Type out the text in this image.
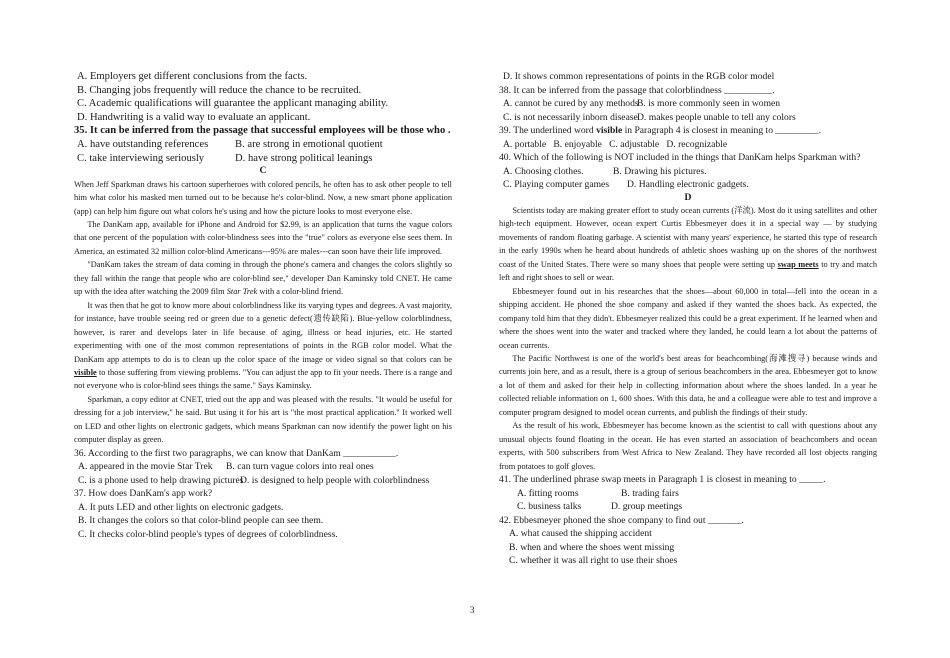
A. Employers get different conclusions from the facts.
B. Changing jobs frequently will reduce the chance to be recruited.
C. Academic qualifications will guarantee the applicant managing ability.
D. Handwriting is a valid way to evaluate an applicant.
35. It can be inferred from the passage that successful employees will be those who .
A. have outstanding references	B. are strong in emotional quotient
C. take interviewing seriously	D. have strong political leanings
C
When Jeff Sparkman draws his cartoon superheroes with colored pencils, he often has to ask other people to tell him what color his masked men turned out to be because he's color-blind. Now, a new smart phone application (app) can help him figure out what colors he's using and how the picture looks to most everyone else.
The DanKam app, available for iPhone and Android for $2.99, is an application that turns the vague colors that one percent of the population with color-blindness sees into the "true" colors as everyone else sees them. In America, an estimated 32 million color-blind Americans---95% are males---can soon have their life improved.
"DanKam takes the stream of data coming in through the phone's camera and changes the colors slightly so they fall within the range that people who are color-blind see," developer Dan Kaminsky told CNET. He came up with the idea after watching the 2009 film Star Trek with a color-blind friend.
It was then that he got to know more about colorblindness like its varying types and degrees. A vast majority, for instance, have trouble seeing red or green due to a genetic defect(遗传缺陷). Blue-yellow colorblindness, however, is rarer and develops later in life because of aging, illness or head injuries, etc. He started experimenting with one of the most common representations of points in the RGB color model. What the DanKam app attempts to do is to clean up the color space of the image or video signal so that colors can be visible to those suffering from viewing problems. "You can adjust the app to fit your needs. There is a range and not everyone who is color-blind sees things the same." Says Kaminsky.
Sparkman, a copy editor at CNET, tried out the app and was pleased with the results. "It would be useful for dressing for a job interview," he said. But using it for his art is "the most practical application." It worked well on LED and other lights on electronic gadgets, which means Sparkman can now identify the power light on his computer display as green.
36. According to the first two paragraphs, we can know that DanKam ___________.
A. appeared in the movie Star Trek	B. can turn vague colors into real ones
C. is a phone used to help drawing pictures
D. is designed to help people with colorblindness
37. How does DanKam's app work?
A. It puts LED and other lights on electronic gadgets.
B. It changes the colors so that color-blind people can see them.
C. It checks color-blind people's types of degrees of colorblindness.
D. It shows common representations of points in the RGB color model
38. It can be inferred from the passage that colorblindness __________.
A. cannot be cured by any methods
B. is more commonly seen in women
C. is not necessarily inborn disease D. makes people unable to tell any colors
39. The underlined word visible in Paragraph 4 is closest in meaning to _________.
A. portable B. enjoyable C. adjustable D. recognizable
40. Which of the following is NOT included in the things that DanKam helps Sparkman with?
A. Choosing clothes.	B. Drawing his pictures.
C. Playing computer games	D. Handling electronic gadgets.
D
Scientists today are making greater effort to study ocean currents (洋流). Most do it using satellites and other high-tech equipment. However, ocean expert Curtis Ebbesmeyer does it in a special way — by studying movements of random floating garbage. A scientist with many years' experience, he started this type of research in the early 1990s when he heard about hundreds of athletic shoes washing up on the shores of the northwest coast of the United States. There were so many shoes that people were setting up swap meets to try and match left and right shoes to sell or wear.
Ebbesmeyer found out in his researches that the shoes—about 60,000 in total—fell into the ocean in a shipping accident. He phoned the shoe company and asked if they wanted the shoes back. As expected, the company told him that they didn't. Ebbesmeyer realized this could be a great experiment. If he learned when and where the shoes went into the water and tracked where they landed, he could learn a lot about the patterns of ocean currents.
The Pacific Northwest is one of the world's best areas for beachcombing(海滩搜寻) because winds and currents join here, and as a result, there is a group of serious beachcombers in the area. Ebbesmeyer got to know a lot of them and asked for their help in collecting information about where the shoes landed. In a year he collected reliable information on 1, 600 shoes. With this data, he and a colleague were able to test and improve a computer program designed to model ocean currents, and publish the findings of their study.
As the result of his work, Ebbesmeyer has become known as the scientist to call with questions about any unusual objects found floating in the ocean. He has even started an association of beachcombers and ocean experts, with 500 subscribers from West Africa to New Zealand. They have recorded all lost objects ranging from potatoes to golf gloves.
41. The underlined phrase swap meets in Paragraph 1 is closest in meaning to _____.
A. fitting rooms	B. trading fairs
C. business talks	D. group meetings
42. Ebbesmeyer phoned the shoe company to find out _______.
A. what caused the shipping accident
B. when and where the shoes went missing
C. whether it was all right to use their shoes
3
